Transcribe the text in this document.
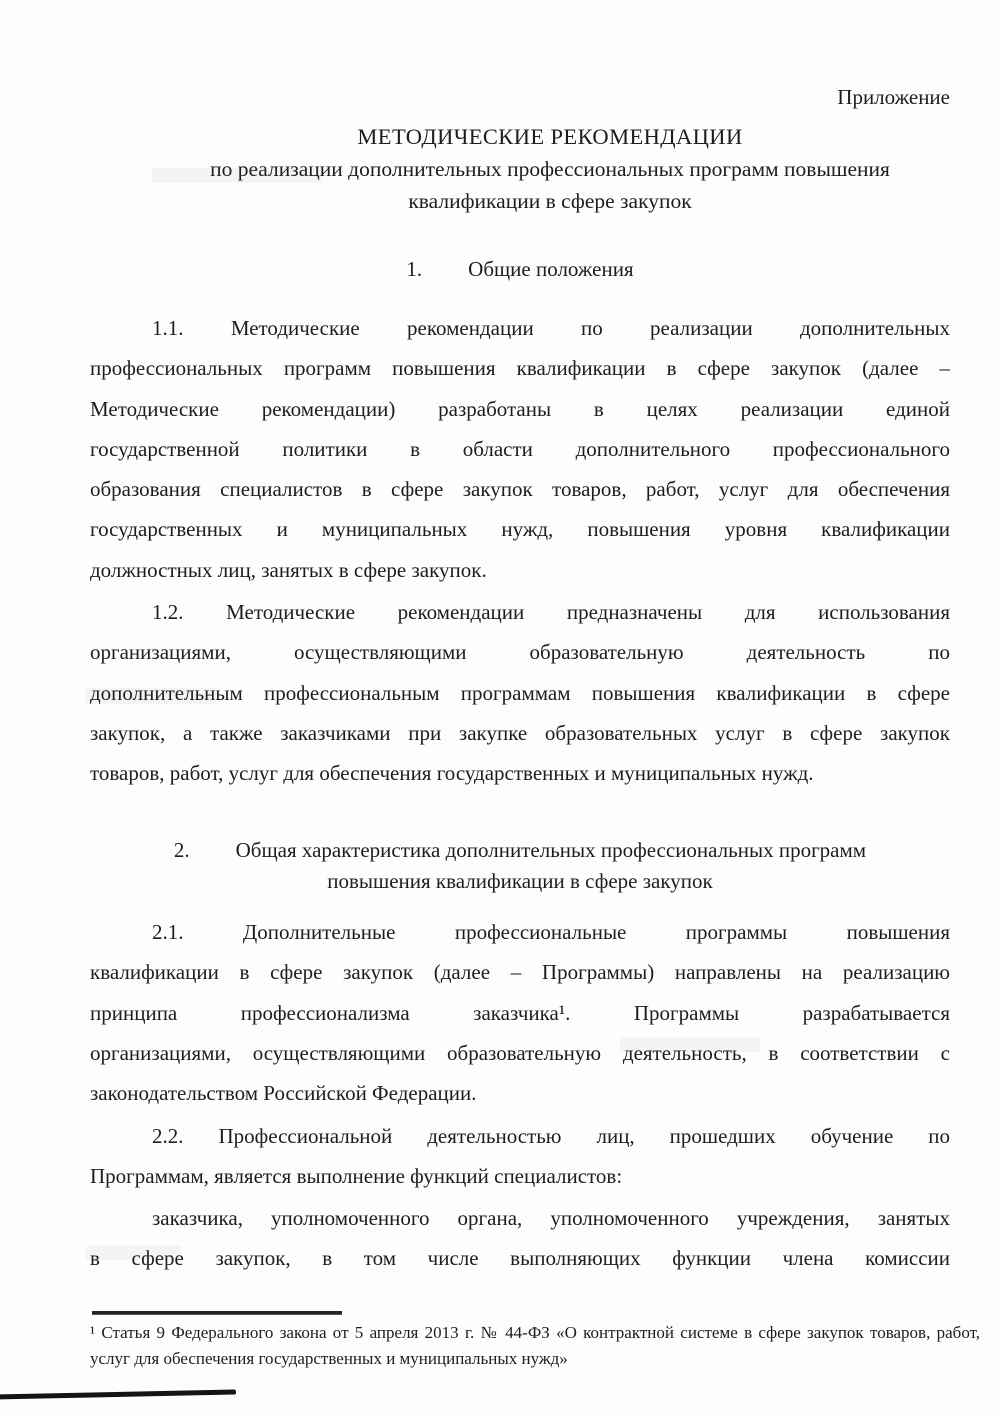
Приложение
МЕТОДИЧЕСКИЕ РЕКОМЕНДАЦИИ
по реализации дополнительных профессиональных программ повышения
квалификации в сфере закупок
1. Общие положения
1.1. Методические рекомендации по реализации дополнительных
профессиональных программ повышения квалификации в сфере закупок (далее –
Методические рекомендации) разработаны в целях реализации единой
государственной политики в области дополнительного профессионального
образования специалистов в сфере закупок товаров, работ, услуг для обеспечения
государственных и муниципальных нужд, повышения уровня квалификации
должностных лиц, занятых в сфере закупок.
1.2. Методические рекомендации предназначены для использования
организациями, осуществляющими образовательную деятельность по
дополнительным профессиональным программам повышения квалификации в сфере
закупок, а также заказчиками при закупке образовательных услуг в сфере закупок
товаров, работ, услуг для обеспечения государственных и муниципальных нужд.
2. Общая характеристика дополнительных профессиональных программ
повышения квалификации в сфере закупок
2.1. Дополнительные профессиональные программы повышения
квалификации в сфере закупок (далее – Программы) направлены на реализацию
принципа профессионализма заказчика¹. Программы разрабатывается
организациями, осуществляющими образовательную деятельность, в соответствии с
законодательством Российской Федерации.
2.2. Профессиональной деятельностью лиц, прошедших обучение по
Программам, является выполнение функций специалистов:
заказчика, уполномоченного органа, уполномоченного учреждения, занятых
в сфере закупок, в том числе выполняющих функции члена комиссии
¹ Статья 9 Федерального закона от 5 апреля 2013 г. № 44-ФЗ «О контрактной системе в сфере закупок товаров, работ,
услуг для обеспечения государственных и муниципальных нужд»
